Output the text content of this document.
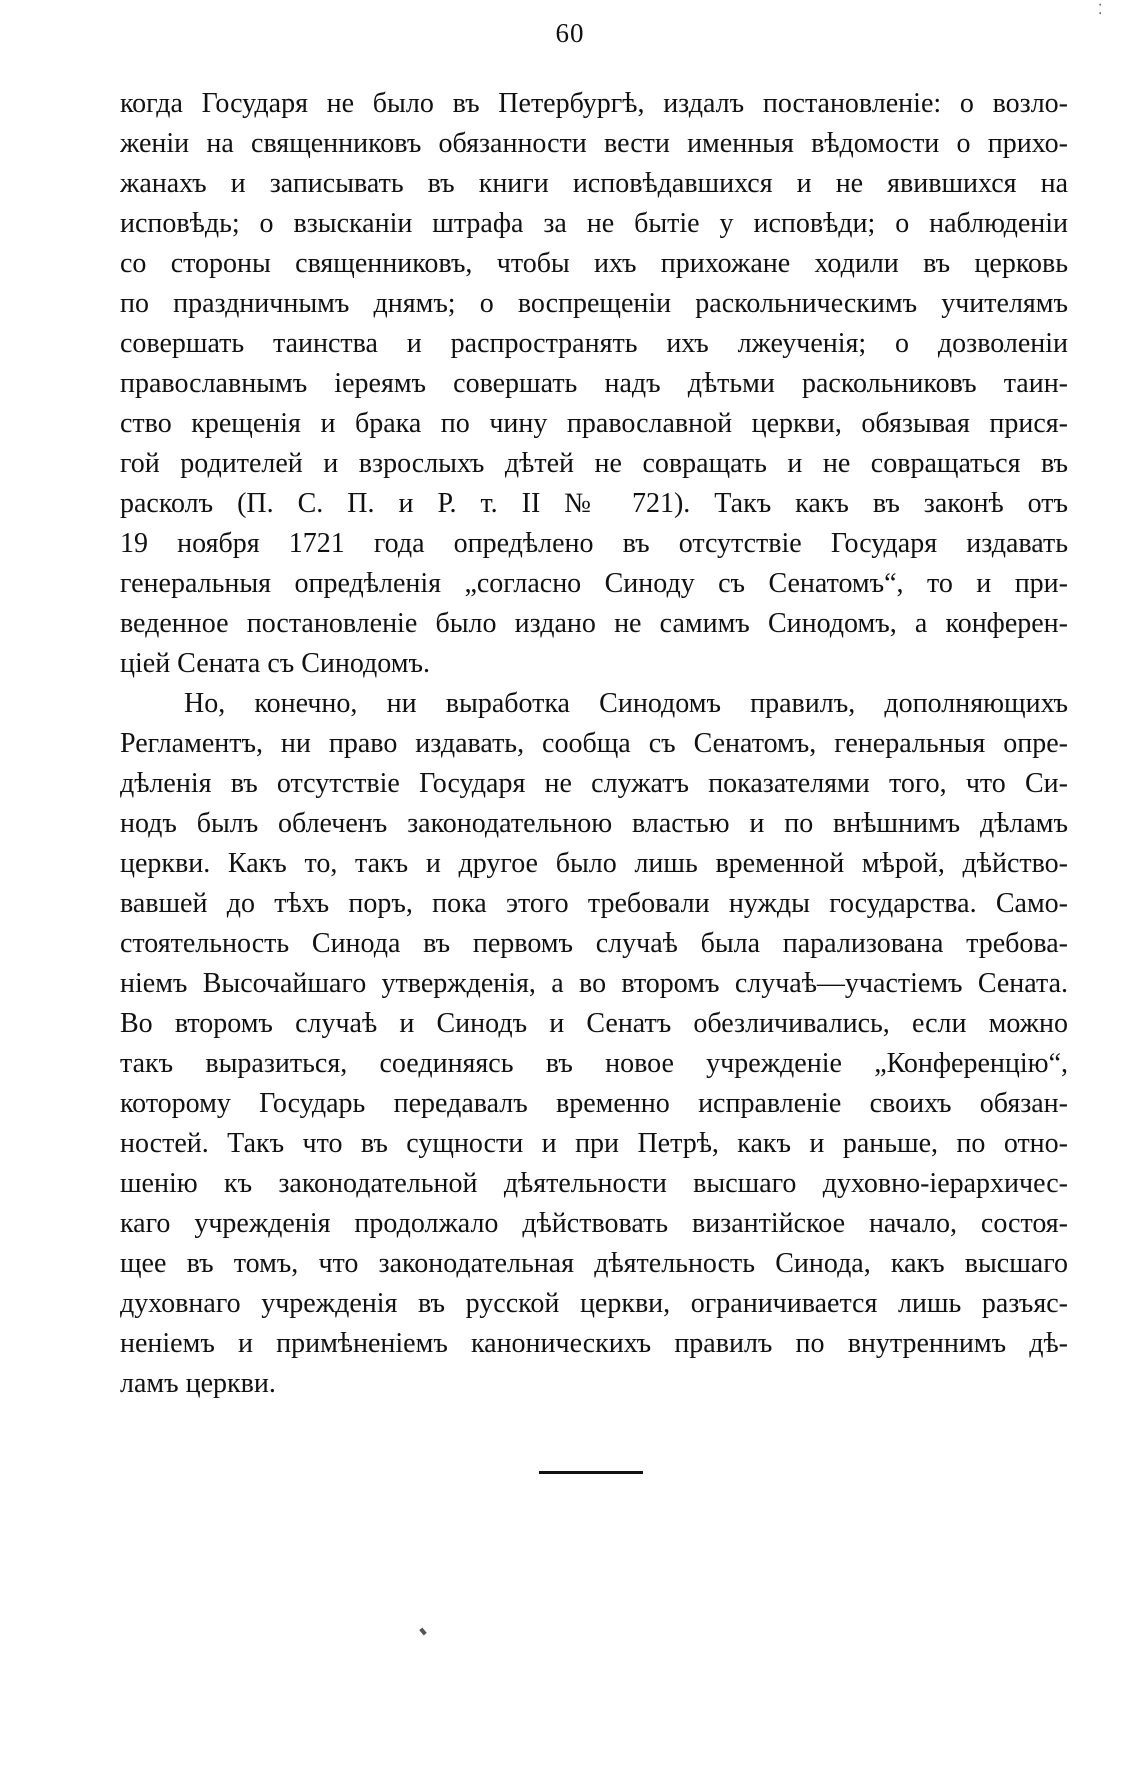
⁚
60
когда Государя не было въ Петербургѣ, издалъ постановленіе: о возло-
женіи на священниковъ обязанности вести именныя вѣдомости о прихо-
жанахъ и записывать въ книги исповѣдавшихся и не явившихся на
исповѣдь; о взысканіи штрафа за не бытіе у исповѣди; о наблюденіи
со стороны священниковъ, чтобы ихъ прихожане ходили въ церковь
по праздничнымъ днямъ; о воспрещеніи раскольническимъ учителямъ
совершать таинства и распространять ихъ лжеученія; о дозволеніи
православнымъ іереямъ совершать надъ дѣтьми раскольниковъ таин-
ство крещенія и брака по чину православной церкви, обязывая прися-
гой родителей и взрослыхъ дѣтей не совращать и не совращаться въ
расколъ (П. С. П. и Р. т. II № 721). Такъ какъ въ законѣ отъ
19 ноября 1721 года опредѣлено въ отсутствіе Государя издавать
генеральныя опредѣленія „согласно Синоду съ Сенатомъ“, то и при-
веденное постановленіе было издано не самимъ Синодомъ, а конферен-
ціей Сената съ Синодомъ.
Но, конечно, ни выработка Синодомъ правилъ, дополняющихъ
Регламентъ, ни право издавать, сообща съ Сенатомъ, генеральныя опре-
дѣленія въ отсутствіе Государя не служатъ показателями того, что Си-
нодъ былъ облеченъ законодательною властью и по внѣшнимъ дѣламъ
церкви. Какъ то, такъ и другое было лишь временной мѣрой, дѣйство-
вавшей до тѣхъ поръ, пока этого требовали нужды государства. Само-
стоятельность Синода въ первомъ случаѣ была парализована требова-
ніемъ Высочайшаго утвержденія, а во второмъ случаѣ—участіемъ Сената.
Во второмъ случаѣ и Синодъ и Сенатъ обезличивались, если можно
такъ выразиться, соединяясь въ новое учрежденіе „Конференцію“,
которому Государь передавалъ временно исправленіе своихъ обязан-
ностей. Такъ что въ сущности и при Петрѣ, какъ и раньше, по отно-
шенію къ законодательной дѣятельности высшаго духовно-іерархичес-
каго учрежденія продолжало дѣйствовать византійское начало, состоя-
щее въ томъ, что законодательная дѣятельность Синода, какъ высшаго
духовнаго учрежденія въ русской церкви, ограничивается лишь разъяс-
неніемъ и примѣненіемъ каноническихъ правилъ по внутреннимъ дѣ-
ламъ церкви.
